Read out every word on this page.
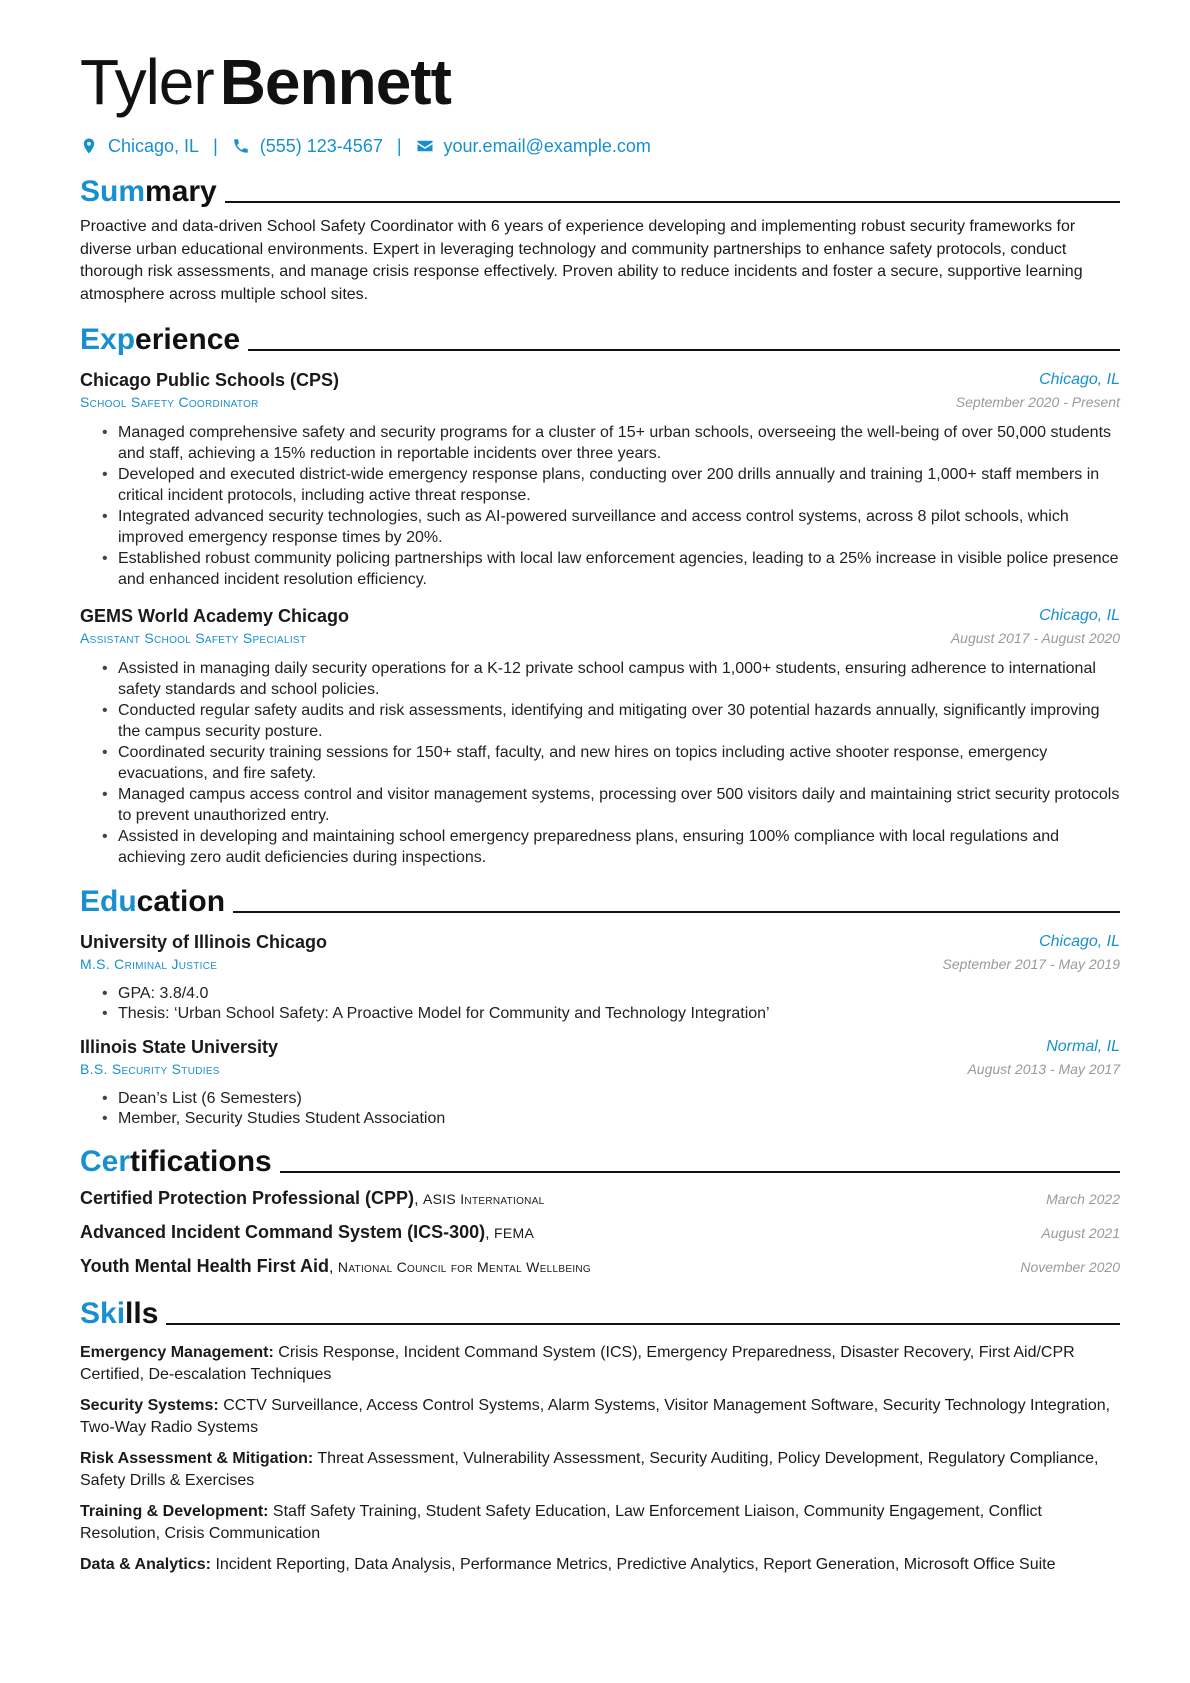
TylerBennett
Chicago, IL | (555) 123-4567 | your.email@example.com
Summary
Proactive and data-driven School Safety Coordinator with 6 years of experience developing and implementing robust security frameworks for diverse urban educational environments. Expert in leveraging technology and community partnerships to enhance safety protocols, conduct thorough risk assessments, and manage crisis response effectively. Proven ability to reduce incidents and foster a secure, supportive learning atmosphere across multiple school sites.
Experience
Chicago Public Schools (CPS)	Chicago, IL
School Safety Coordinator	September 2020 - Present
• Managed comprehensive safety and security programs for a cluster of 15+ urban schools, overseeing the well-being of over 50,000 students and staff, achieving a 15% reduction in reportable incidents over three years.
• Developed and executed district-wide emergency response plans, conducting over 200 drills annually and training 1,000+ staff members in critical incident protocols, including active threat response.
• Integrated advanced security technologies, such as AI-powered surveillance and access control systems, across 8 pilot schools, which improved emergency response times by 20%.
• Established robust community policing partnerships with local law enforcement agencies, leading to a 25% increase in visible police presence and enhanced incident resolution efficiency.
GEMS World Academy Chicago	Chicago, IL
Assistant School Safety Specialist	August 2017 - August 2020
• Assisted in managing daily security operations for a K-12 private school campus with 1,000+ students, ensuring adherence to international safety standards and school policies.
• Conducted regular safety audits and risk assessments, identifying and mitigating over 30 potential hazards annually, significantly improving the campus security posture.
• Coordinated security training sessions for 150+ staff, faculty, and new hires on topics including active shooter response, emergency evacuations, and fire safety.
• Managed campus access control and visitor management systems, processing over 500 visitors daily and maintaining strict security protocols to prevent unauthorized entry.
• Assisted in developing and maintaining school emergency preparedness plans, ensuring 100% compliance with local regulations and achieving zero audit deficiencies during inspections.
Education
University of Illinois Chicago	Chicago, IL
M.S. Criminal Justice	September 2017 - May 2019
• GPA: 3.8/4.0
• Thesis: ‘Urban School Safety: A Proactive Model for Community and Technology Integration’
Illinois State University	Normal, IL
B.S. Security Studies	August 2013 - May 2017
• Dean’s List (6 Semesters)
• Member, Security Studies Student Association
Certifications
Certified Protection Professional (CPP), ASIS International	March 2022
Advanced Incident Command System (ICS-300), FEMA	August 2021
Youth Mental Health First Aid, National Council for Mental Wellbeing	November 2020
Skills
Emergency Management: Crisis Response, Incident Command System (ICS), Emergency Preparedness, Disaster Recovery, First Aid/CPR Certified, De-escalation Techniques
Security Systems: CCTV Surveillance, Access Control Systems, Alarm Systems, Visitor Management Software, Security Technology Integration, Two-Way Radio Systems
Risk Assessment & Mitigation: Threat Assessment, Vulnerability Assessment, Security Auditing, Policy Development, Regulatory Compliance, Safety Drills & Exercises
Training & Development: Staff Safety Training, Student Safety Education, Law Enforcement Liaison, Community Engagement, Conflict Resolution, Crisis Communication
Data & Analytics: Incident Reporting, Data Analysis, Performance Metrics, Predictive Analytics, Report Generation, Microsoft Office Suite
